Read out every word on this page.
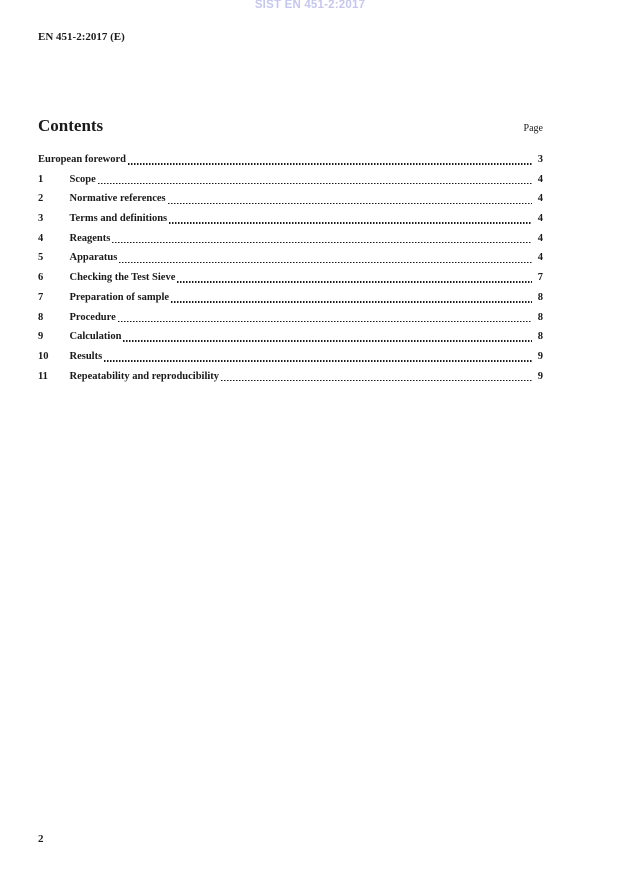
SIST EN 451-2:2017
EN 451-2:2017 (E)
Contents	Page
European foreword	3
1	Scope	4
2	Normative references	4
3	Terms and definitions	4
4	Reagents	4
5	Apparatus	4
6	Checking the Test Sieve	7
7	Preparation of sample	8
8	Procedure	8
9	Calculation	8
10	Results	9
11	Repeatability and reproducibility	9
2
